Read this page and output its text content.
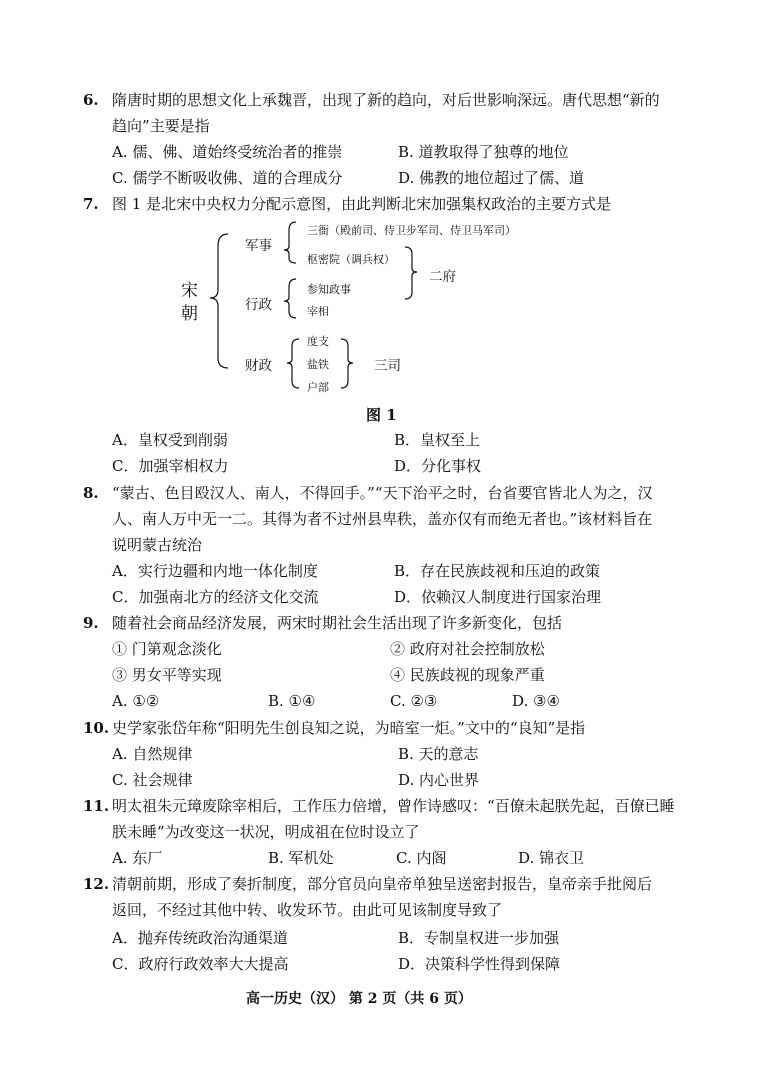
6. 隋唐时期的思想文化上承魏晋，出现了新的趋向，对后世影响深远。唐代思想“新的
趋向”主要是指
A. 儒、佛、道始终受统治者的推崇	B. 道教取得了独尊的地位
C. 儒学不断吸收佛、道的合理成分	D. 佛教的地位超过了儒、道
7. 图 1 是北宋中央权力分配示意图，由此判断北宋加强集权政治的主要方式是
宋
朝
军事
行政
财政
三衙（殿前司、侍卫步军司、侍卫马军司）
枢密院（调兵权）
参知政事
宰相
二府
度支
盐铁
户部
三司
图 1
A．皇权受到削弱	B．皇权至上
C．加强宰相权力	D．分化事权
8. “蒙古、色目殴汉人、南人，不得回手。”“天下治平之时，台省要官皆北人为之，汉
人、南人万中无一二。其得为者不过州县卑秩，盖亦仅有而绝无者也。”该材料旨在
说明蒙古统治
A．实行边疆和内地一体化制度	B．存在民族歧视和压迫的政策
C．加强南北方的经济文化交流	D．依赖汉人制度进行国家治理
9. 随着社会商品经济发展，两宋时期社会生活出现了许多新变化，包括
① 门第观念淡化	② 政府对社会控制放松
③ 男女平等实现	④ 民族歧视的现象严重
A. ①②	B. ①④	C. ②③	D. ③④
10. 史学家张岱年称“阳明先生创良知之说，为暗室一炬。”文中的“良知”是指
A. 自然规律	B. 天的意志
C. 社会规律	D. 内心世界
11. 明太祖朱元璋废除宰相后，工作压力倍增，曾作诗感叹：“百僚未起朕先起，百僚已睡
朕未睡”为改变这一状况，明成祖在位时设立了
A. 东厂	B. 军机处	C. 内阁	D. 锦衣卫
12. 清朝前期，形成了奏折制度，部分官员向皇帝单独呈送密封报告，皇帝亲手批阅后
返回，不经过其他中转、收发环节。由此可见该制度导致了
A．抛弃传统政治沟通渠道	B．专制皇权进一步加强
C．政府行政效率大大提高	D．决策科学性得到保障
高一历史（汉） 第 2 页（共 6 页）
